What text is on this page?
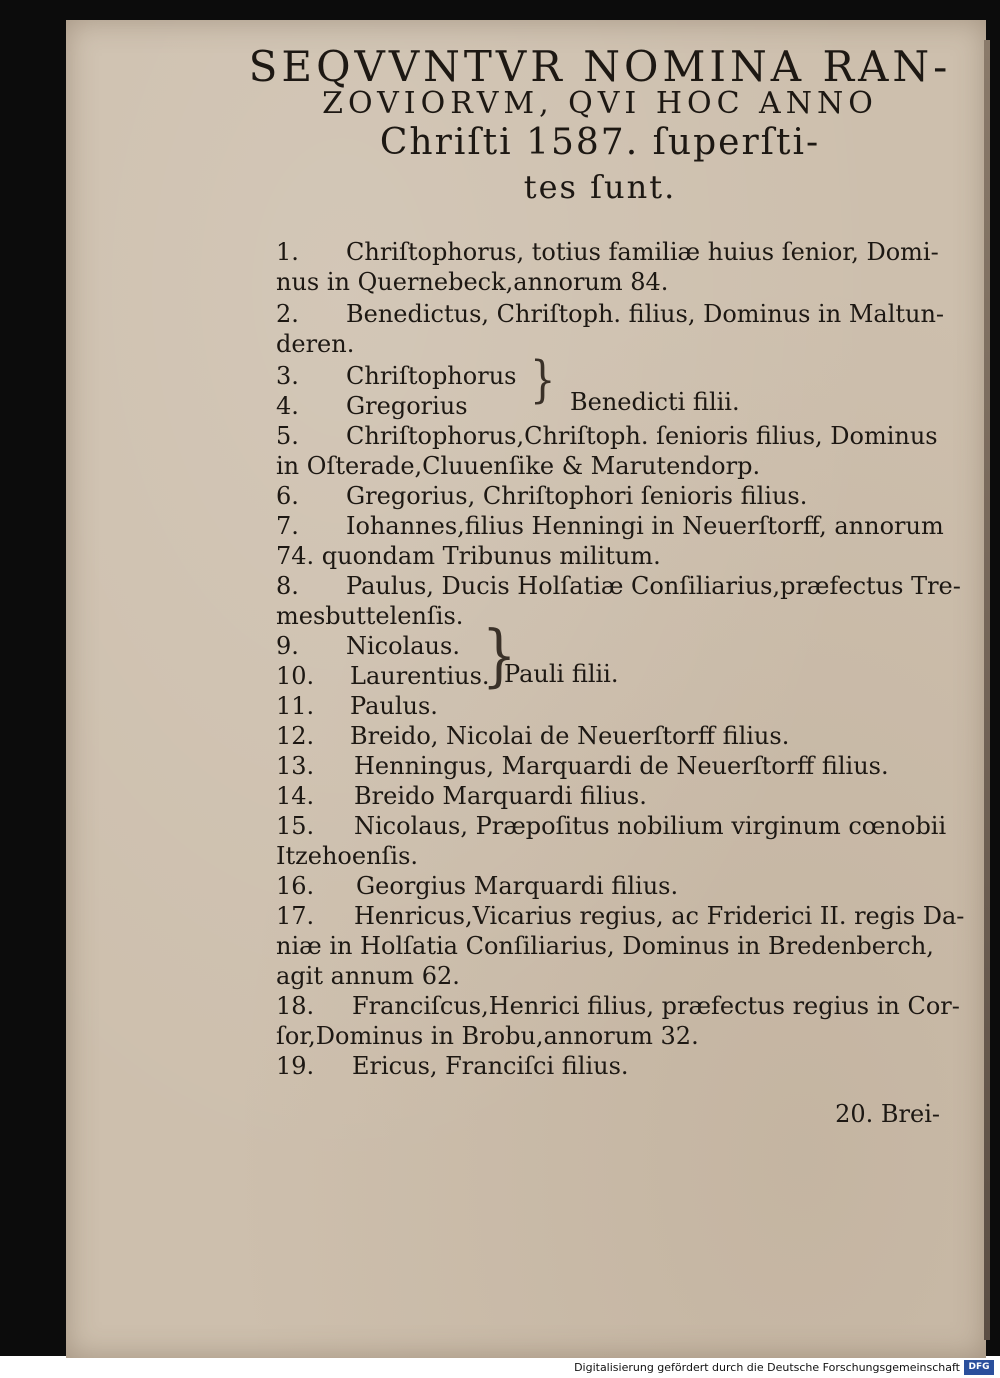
SEQVVNTVR NOMINA RAN-
ZOVIORVM, QVI HOC ANNO
Chriſti 1587. ſuperſti-
tes ſunt.
1. Chriſtophorus, totius familiæ huius ſenior, Domi-
nus in Quernebeck,annorum 84.
2. Benedictus, Chriſtoph. filius, Dominus in Maltun-
deren.
3. Chriſtophorus
4. Gregorius } Benedicti filii.
5. Chriſtophorus,Chriſtoph. ſenioris filius, Dominus
in Oſterade,Cluuenſike & Marutendorp.
6. Gregorius, Chriſtophori ſenioris filius.
7. Iohannes,filius Henningi in Neuerſtorff, annorum
74. quondam Tribunus militum.
8. Paulus, Ducis Holſatiæ Conſiliarius,præfectus Tre-
mesbuttelenſis.
9. Nicolaus.
10. Laurentius.
11. Paulus.
}
Pauli filii.
12. Breido, Nicolai de Neuerſtorff filius.
13. Henningus, Marquardi de Neuerſtorff filius.
14. Breido Marquardi filius.
15. Nicolaus, Præpoſitus nobilium virginum cœnobii
Itzehoenſis.
16. Georgius Marquardi filius.
17. Henricus,Vicarius regius, ac Friderici II. regis Da-
niæ in Holſatia Conſiliarius, Dominus in Bredenberch,
agit annum 62.
18. Franciſcus,Henrici filius, præfectus regius in Cor-
ſor,Dominus in Brobu,annorum 32.
19. Ericus, Franciſci filius.
20. Brei-
Digitalisierung gefördert durch die Deutsche Forschungsgemeinschaft DFG
